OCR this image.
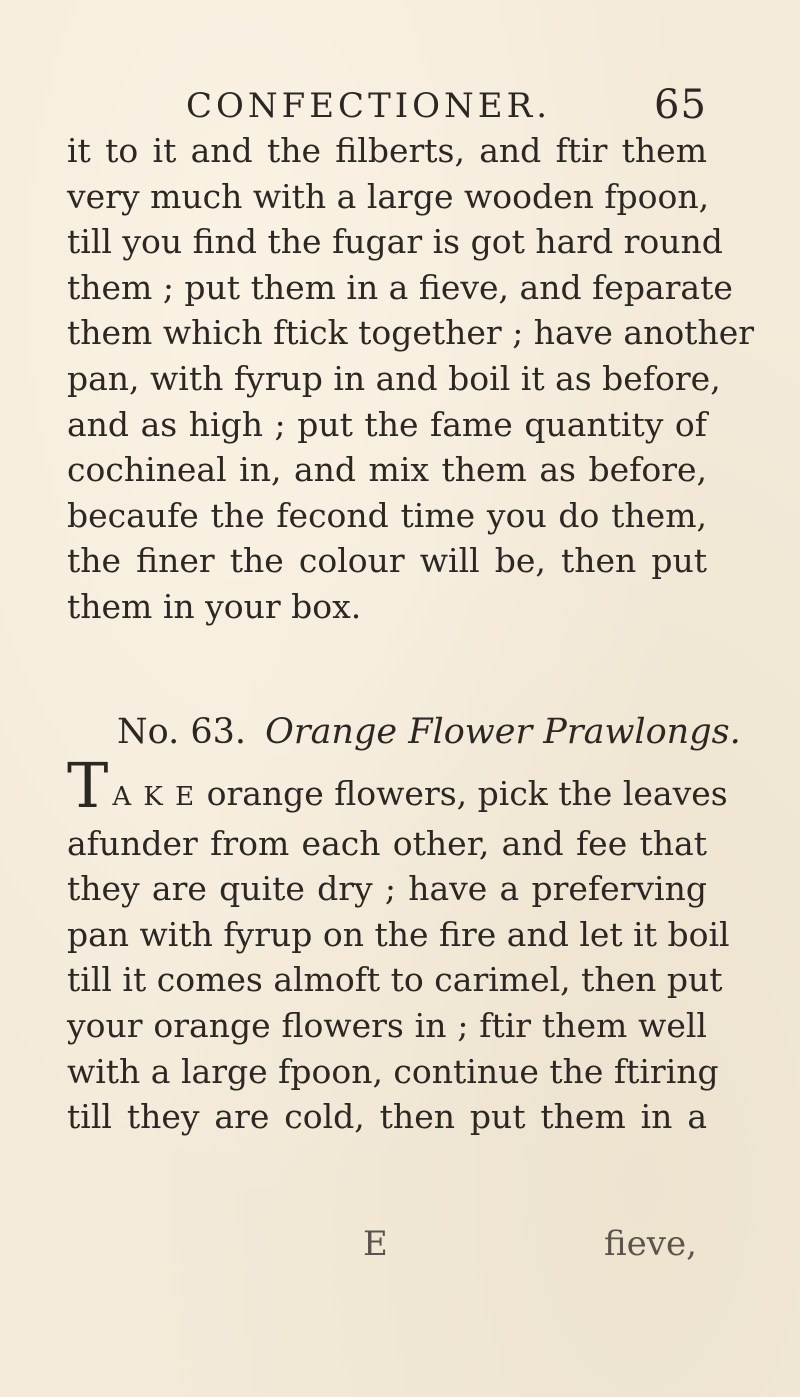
CONFECTIONER.	65
it to it and the filberts, and ftir them
very much with a large wooden fpoon,
till you find the fugar is got hard round
them ; put them in a fieve, and feparate
them which ftick together ; have another
pan, with fyrup in and boil it as before,
and as high ; put the fame quantity of
cochineal in, and mix them as before,
becaufe the fecond time you do them,
the finer the colour will be, then put
them in your box.
No. 63. Orange Flower Prawlongs.
T A K E orange flowers, pick the leaves
afunder from each other, and fee that
they are quite dry ; have a preferving
pan with fyrup on the fire and let it boil
till it comes almoft to carimel, then put
your orange flowers in ; ftir them well
with a large fpoon, continue the ftiring
till they are cold, then put them in a
E	fieve,
